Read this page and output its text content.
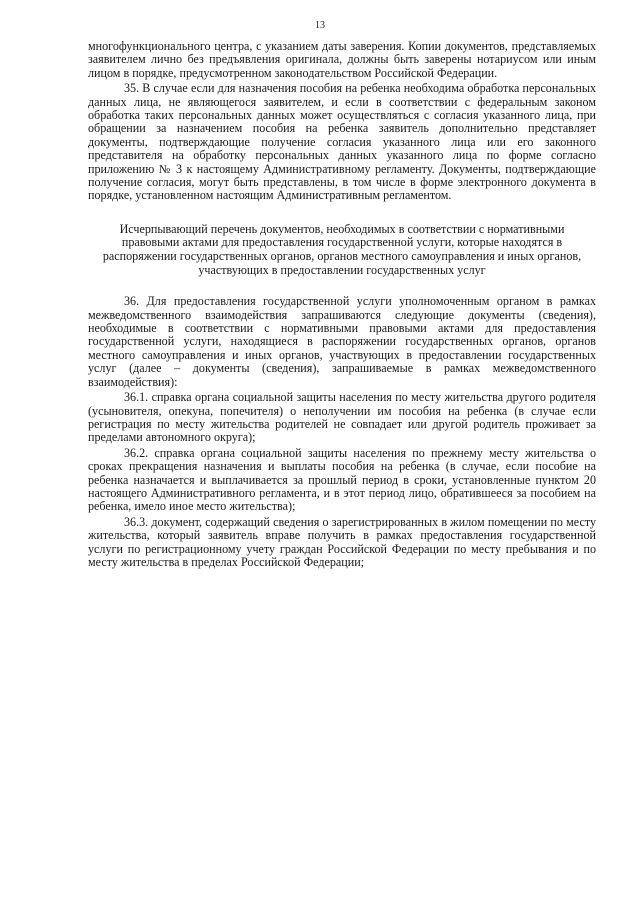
13

многофункционального центра, с указанием даты заверения. Копии документов, представляемых заявителем лично без предъявления оригинала, должны быть заверены нотариусом или иным лицом в порядке, предусмотренном законодательством Российской Федерации.

35. В случае если для назначения пособия на ребенка необходима обработка персональных данных лица, не являющегося заявителем, и если в соответствии с федеральным законом обработка таких персональных данных может осуществляться с согласия указанного лица, при обращении за назначением пособия на ребенка заявитель дополнительно представляет документы, подтверждающие получение согласия указанного лица или его законного представителя на обработку персональных данных указанного лица по форме согласно приложению № 3 к настоящему Административному регламенту. Документы, подтверждающие получение согласия, могут быть представлены, в том числе в форме электронного документа в порядке, установленном настоящим Административным регламентом.

Исчерпывающий перечень документов, необходимых в соответствии с нормативными правовыми актами для предоставления государственной услуги, которые находятся в распоряжении государственных органов, органов местного самоуправления и иных органов, участвующих в предоставлении государственных услуг

36. Для предоставления государственной услуги уполномоченным органом в рамках межведомственного взаимодействия запрашиваются следующие документы (сведения), необходимые в соответствии с нормативными правовыми актами для предоставления государственной услуги, находящиеся в распоряжении государственных органов, органов местного самоуправления и иных органов, участвующих в предоставлении государственных услуг (далее – документы (сведения), запрашиваемые в рамках межведомственного взаимодействия):

36.1. справка органа социальной защиты населения по месту жительства другого родителя (усыновителя, опекуна, попечителя) о неполучении им пособия на ребенка (в случае если регистрация по месту жительства родителей не совпадает или другой родитель проживает за пределами автономного округа);

36.2. справка органа социальной защиты населения по прежнему месту жительства о сроках прекращения назначения и выплаты пособия на ребенка (в случае, если пособие на ребенка назначается и выплачивается за прошлый период в сроки, установленные пунктом 20 настоящего Административного регламента, и в этот период лицо, обратившееся за пособием на ребенка, имело иное место жительства);

36.3. документ, содержащий сведения о зарегистрированных в жилом помещении по месту жительства, который заявитель вправе получить в рамках предоставления государственной услуги по регистрационному учету граждан Российской Федерации по месту пребывания и по месту жительства в пределах Российской Федерации;
